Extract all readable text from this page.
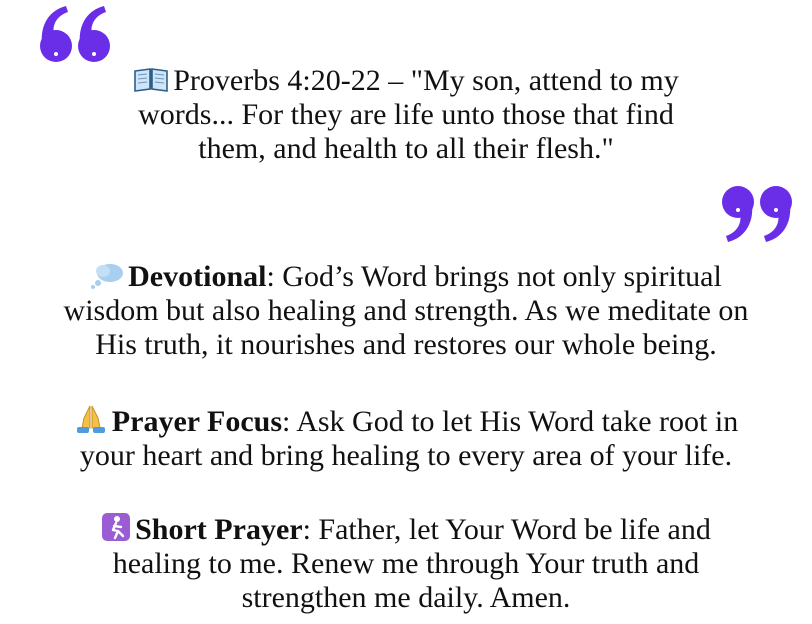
Proverbs 4:20-22 – "My son, attend to my
words... For they are life unto those that find
them, and health to all their flesh."
Devotional: God’s Word brings not only spiritual
wisdom but also healing and strength. As we meditate on
His truth, it nourishes and restores our whole being.
Prayer Focus: Ask God to let His Word take root in
your heart and bring healing to every area of your life.
Short Prayer: Father, let Your Word be life and
healing to me. Renew me through Your truth and
strengthen me daily. Amen.
